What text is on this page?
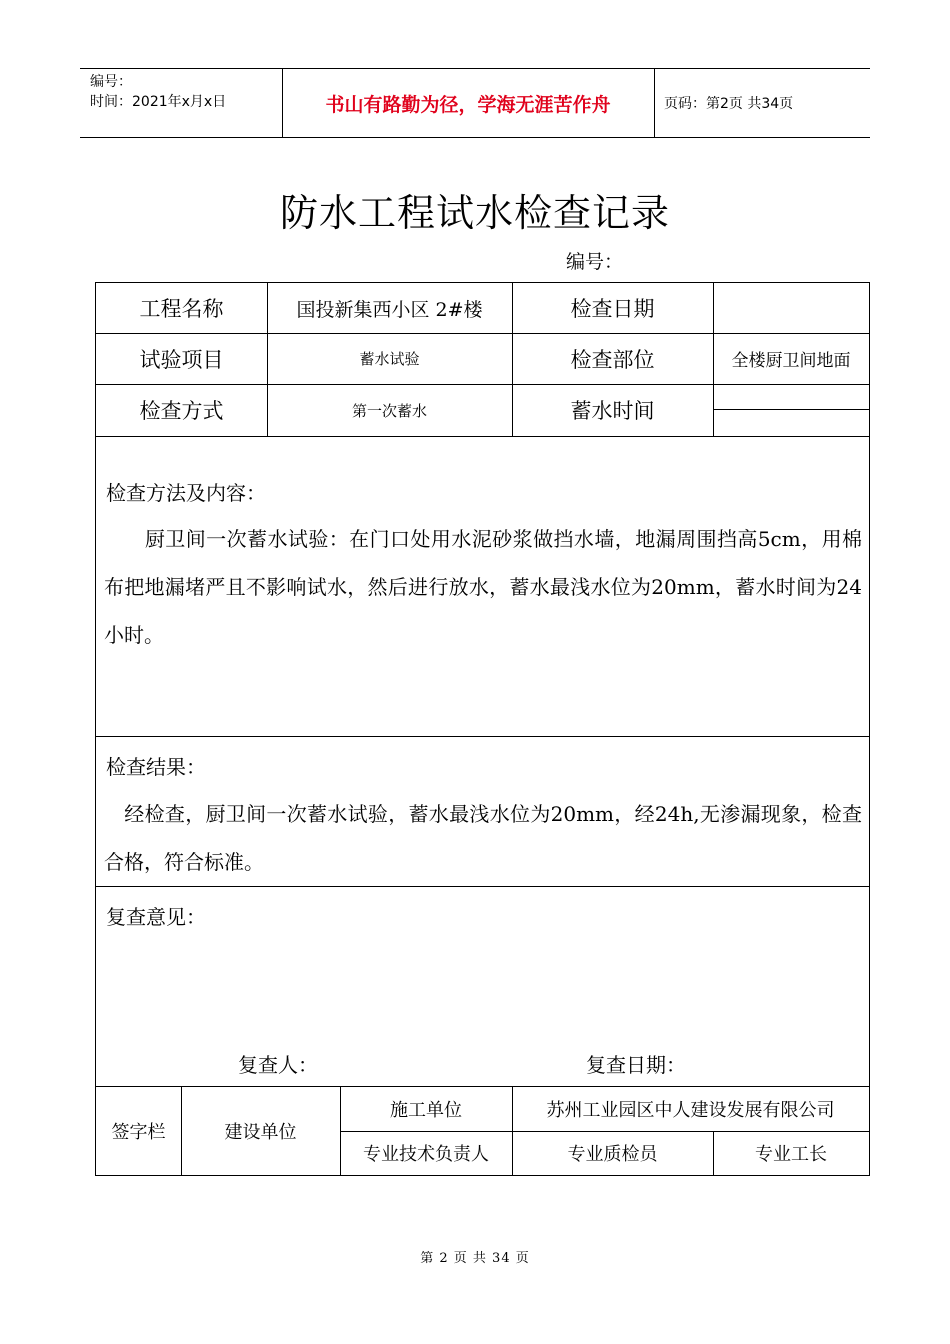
编号：
时间：2021年x月x日	书山有路勤为径，学海无涯苦作舟	页码：第2页 共34页
防水工程试水检查记录
编号：
工程名称	国投新集西小区 2#楼	检查日期
试验项目	蓄水试验	检查部位	全楼厨卫间地面
检查方式	第一次蓄水	蓄水时间
检查方法及内容：
　　厨卫间一次蓄水试验：在门口处用水泥砂浆做挡水墙，地漏周围挡高5cm，用棉布把地漏堵严且不影响试水，然后进行放水，蓄水最浅水位为20mm，蓄水时间为24小时。
检查结果：
　经检查，厨卫间一次蓄水试验，蓄水最浅水位为20mm，经24h,无渗漏现象，检查合格，符合标准。
复查意见：
复查人：	复查日期：
签字栏	建设单位
施工单位	苏州工业园区中人建设发展有限公司
专业技术负责人	专业质检员	专业工长
第 2 页 共 34 页
